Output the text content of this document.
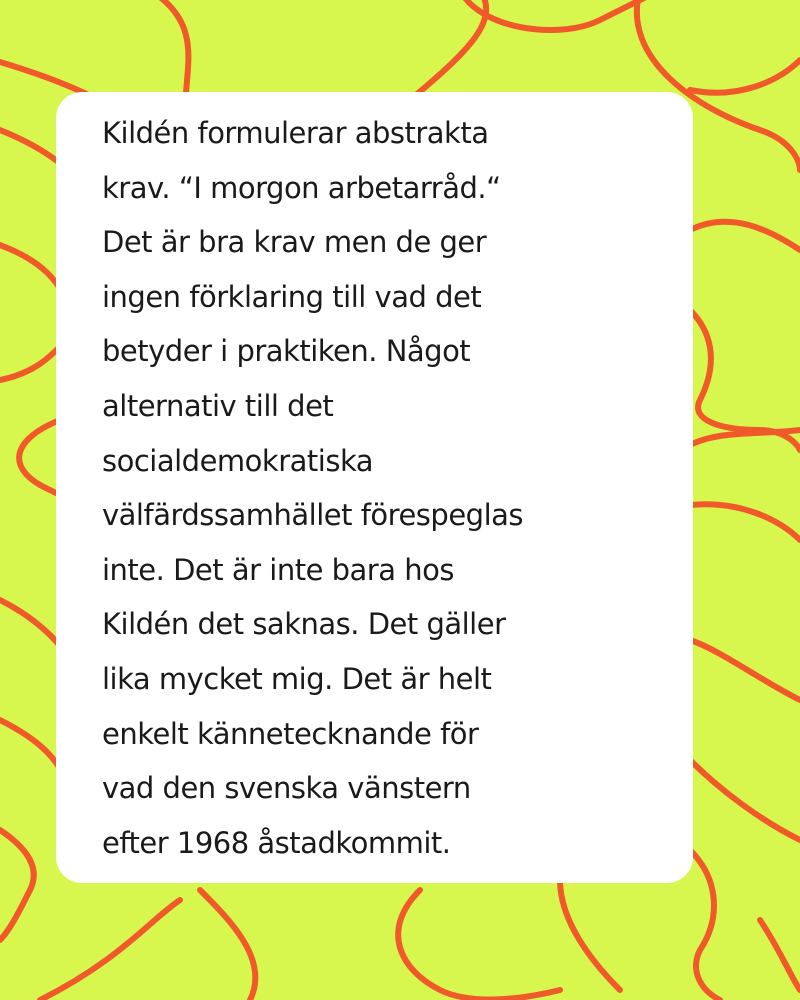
Kildén formulerar abstrakta
krav. “I morgon arbetarråd.“
Det är bra krav men de ger
ingen förklaring till vad det
betyder i praktiken. Något
alternativ till det
socialdemokratiska
välfärdssamhället förespeglas
inte. Det är inte bara hos
Kildén det saknas. Det gäller
lika mycket mig. Det är helt
enkelt kännetecknande för
vad den svenska vänstern
efter 1968 åstadkommit.
